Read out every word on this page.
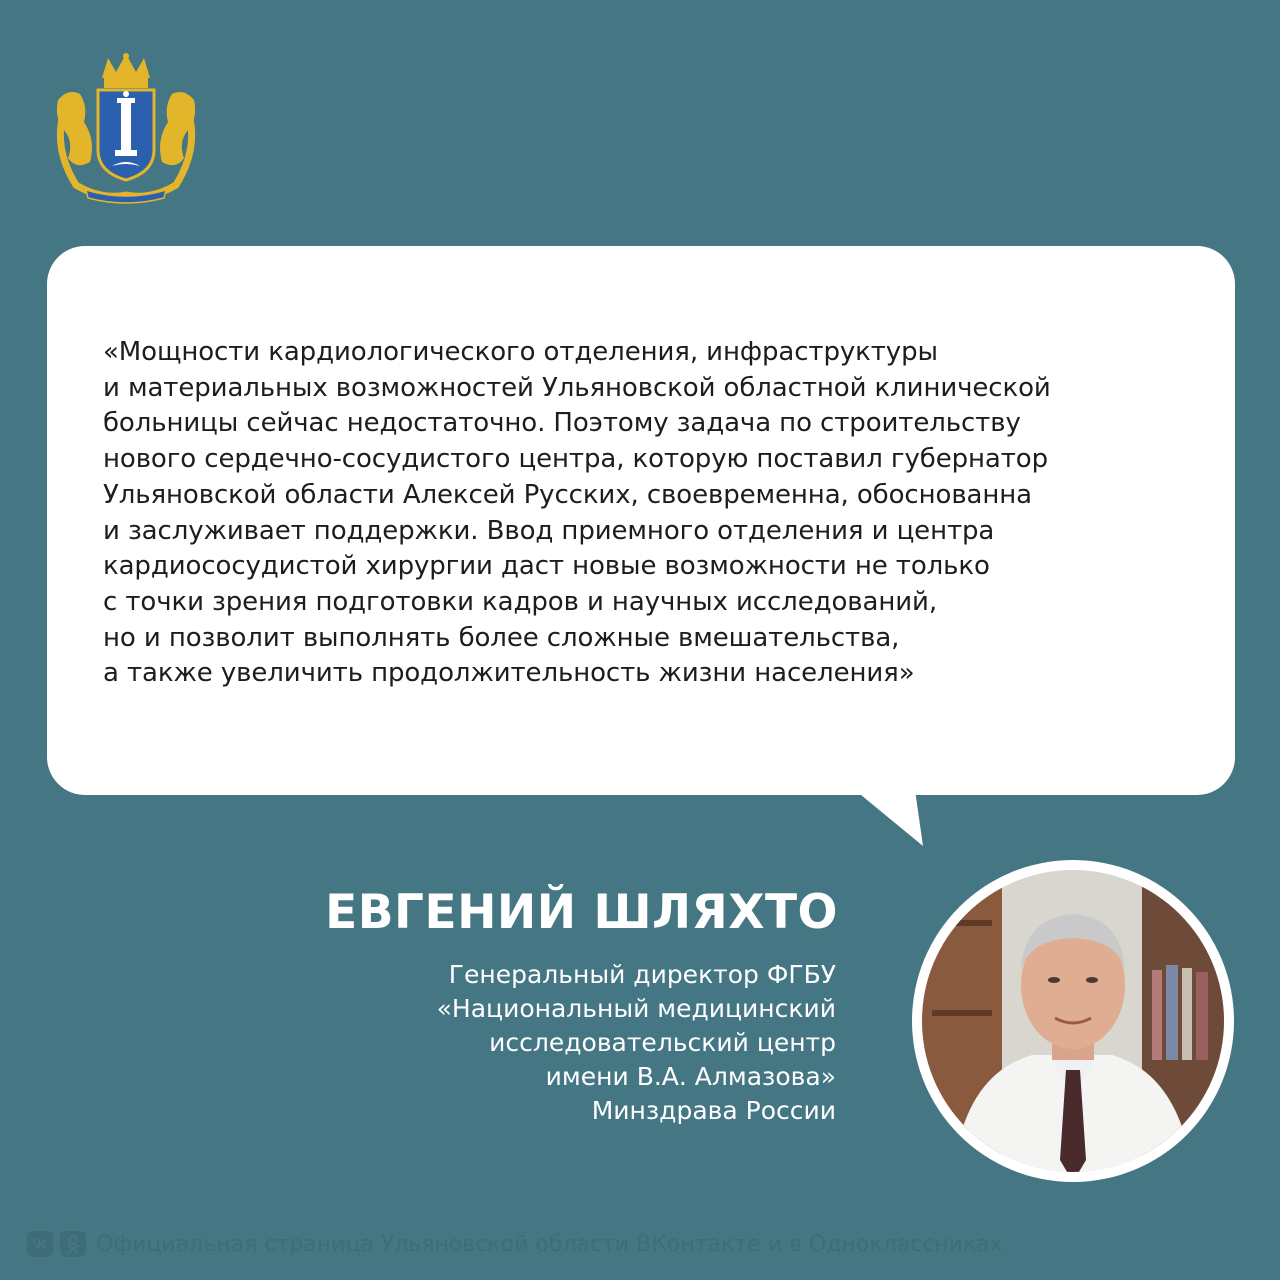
«Мощности кардиологического отделения, инфраструктуры
и материальных возможностей Ульяновской областной клинической
больницы сейчас недостаточно. Поэтому задача по строительству
нового сердечно-сосудистого центра, которую поставил губернатор
Ульяновской области Алексей Русских, своевременна, обоснованна
и заслуживает поддержки. Ввод приемного отделения и центра
кардиососудистой хирургии даст новые возможности не только
с точки зрения подготовки кадров и научных исследований,
но и позволит выполнять более сложные вмешательства,
а также увеличить продолжительность жизни населения»

ЕВГЕНИЙ ШЛЯХТО

Генеральный директор ФГБУ
«Национальный медицинский
исследовательский центр
имени В.А. Алмазова»
Минздрава России

Официальная страница Ульяновской области ВКонтакте и в Одноклассниках
